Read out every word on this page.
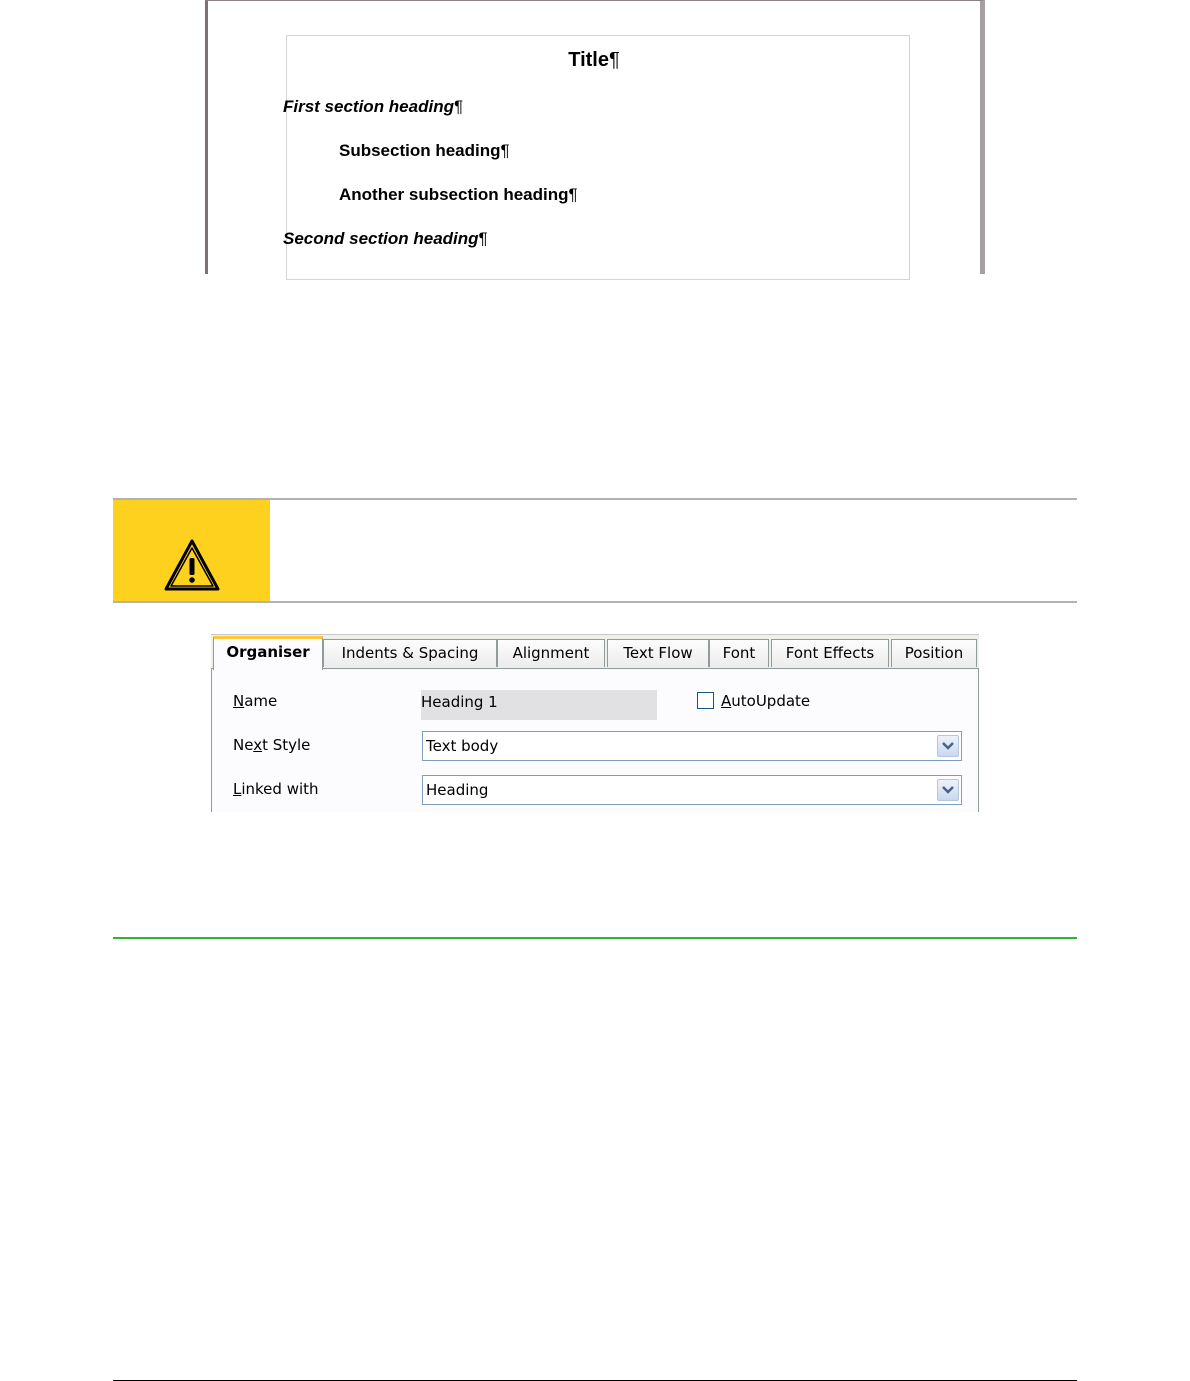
Title¶
First section heading¶
Subsection heading¶
Another subsection heading¶
Second section heading¶
Organiser	Indents & Spacing	Alignment	Text Flow	Font	Font Effects	Position
Name	Heading 1	AutoUpdate
Next Style	Text body
Linked with	Heading
